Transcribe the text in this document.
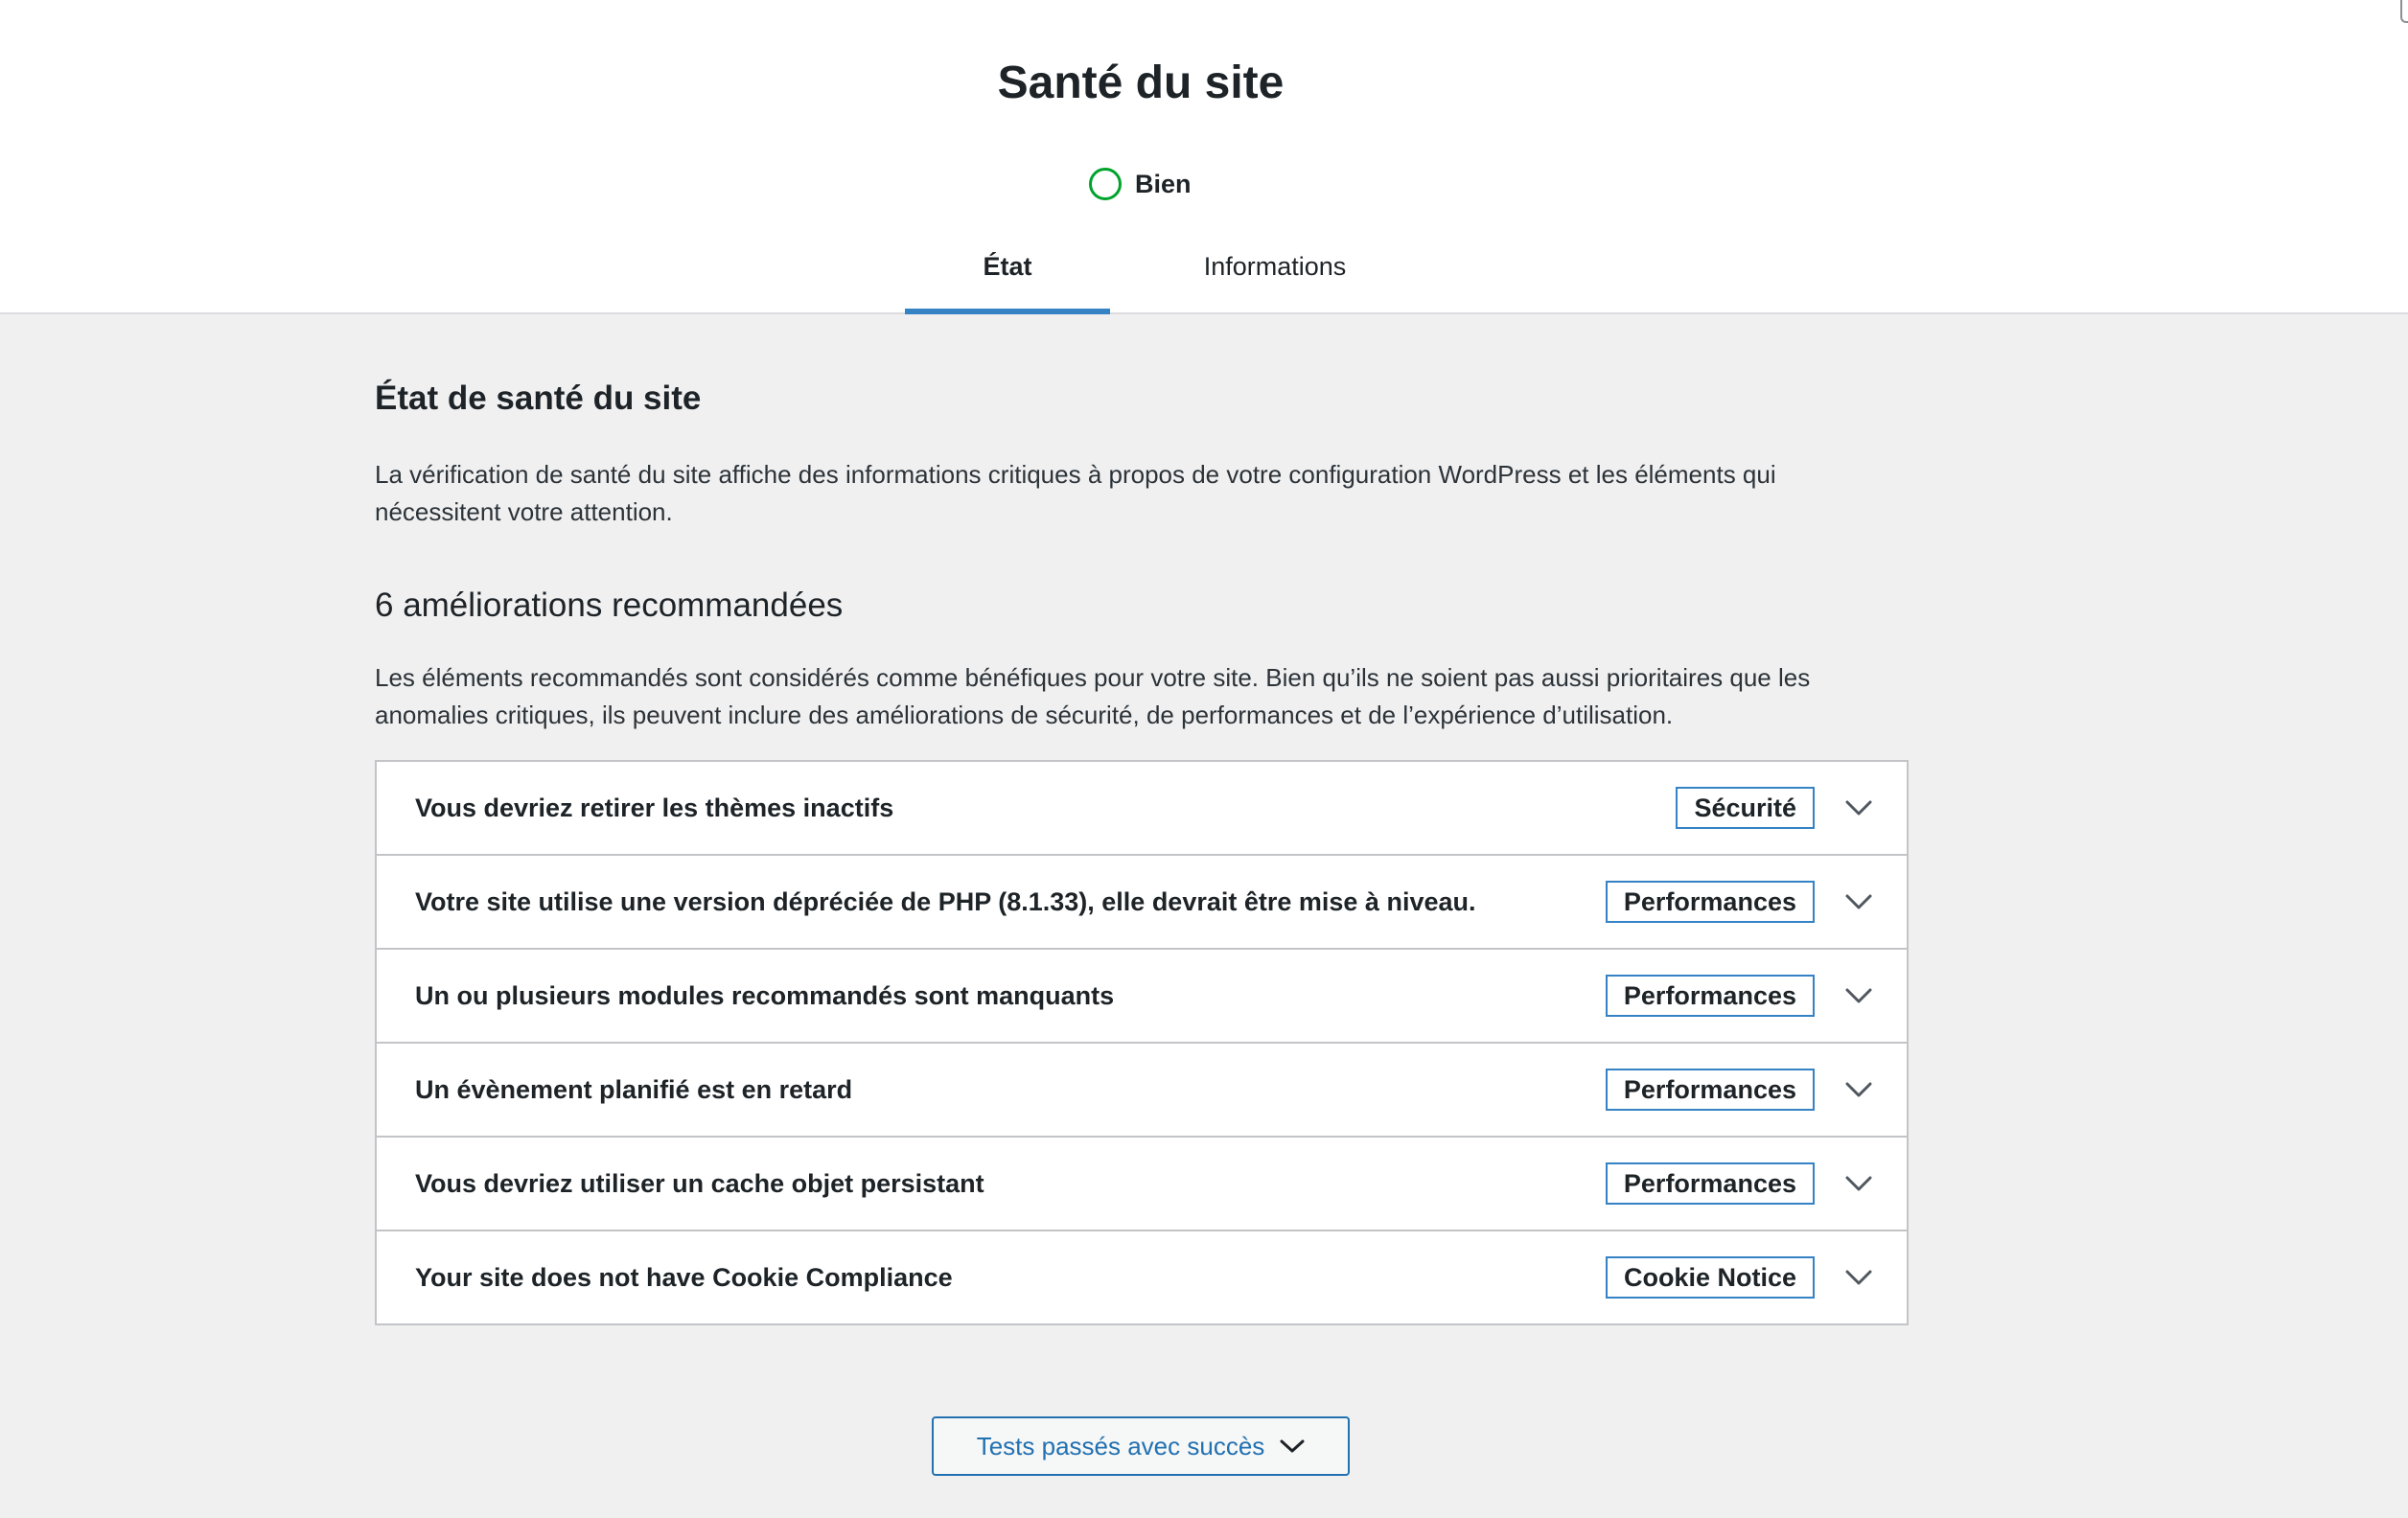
Santé du site
Bien
État	Informations
État de santé du site

La vérification de santé du site affiche des informations critiques à propos de votre configuration WordPress et les éléments qui nécessitent votre attention.

6 améliorations recommandées

Les éléments recommandés sont considérés comme bénéfiques pour votre site. Bien qu’ils ne soient pas aussi prioritaires que les anomalies critiques, ils peuvent inclure des améliorations de sécurité, de performances et de l’expérience d’utilisation.

Vous devriez retirer les thèmes inactifs	Sécurité
Votre site utilise une version dépréciée de PHP (8.1.33), elle devrait être mise à niveau.	Performances
Un ou plusieurs modules recommandés sont manquants	Performances
Un évènement planifié est en retard	Performances
Vous devriez utiliser un cache objet persistant	Performances
Your site does not have Cookie Compliance	Cookie Notice
Tests passés avec succès
